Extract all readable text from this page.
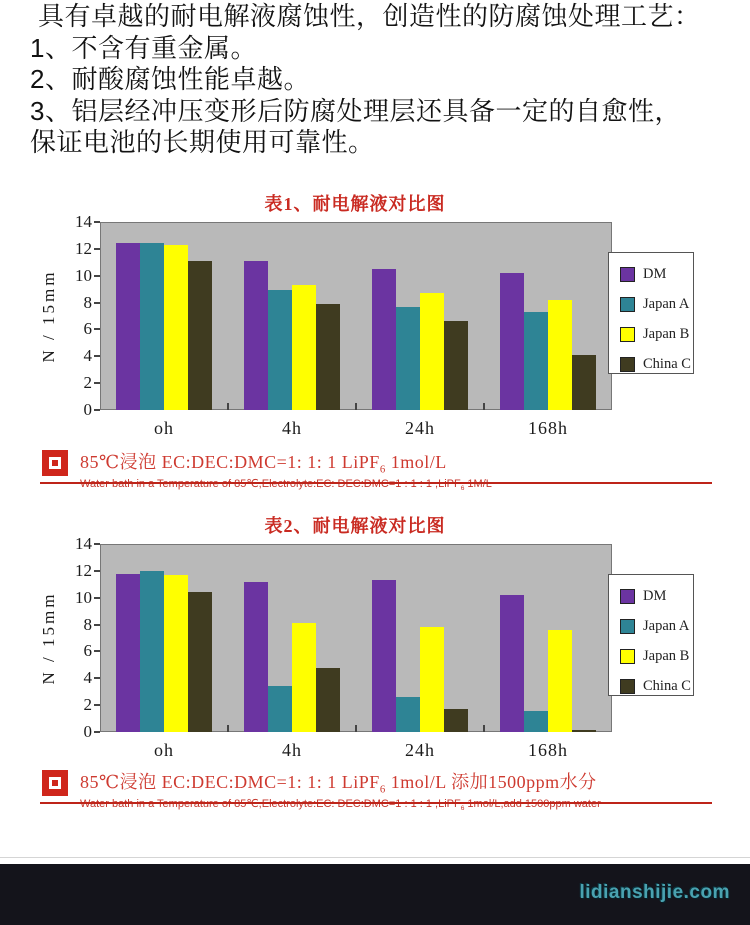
具有卓越的耐电解液腐蚀性，创造性的防腐蚀处理工艺：
1、不含有重金属。
2、耐酸腐蚀性能卓越。
3、铝层经冲压变形后防腐处理层还具备一定的自愈性，
保证电池的长期使用可靠性。
表1、耐电解液对比图
0
2
4
6
8
10
12
14
N / 15mm
oh	4h	24h	168h
DM
Japan A
Japan B
China C
表2、耐电解液对比图
0
2
4
6
8
10
12
14
N / 15mm
oh	4h	24h	168h
DM
Japan A
Japan B
China C
85℃浸泡 EC:DEC:DMC=1: 1: 1 LiPF$_6$ 1mol/L
$_6$
85℃浸泡 EC:DEC:DMC=1: 1: 1 LiPF$_6$ 1mol/L 添加1500ppm水分
$_6$
lidianshijie.com
